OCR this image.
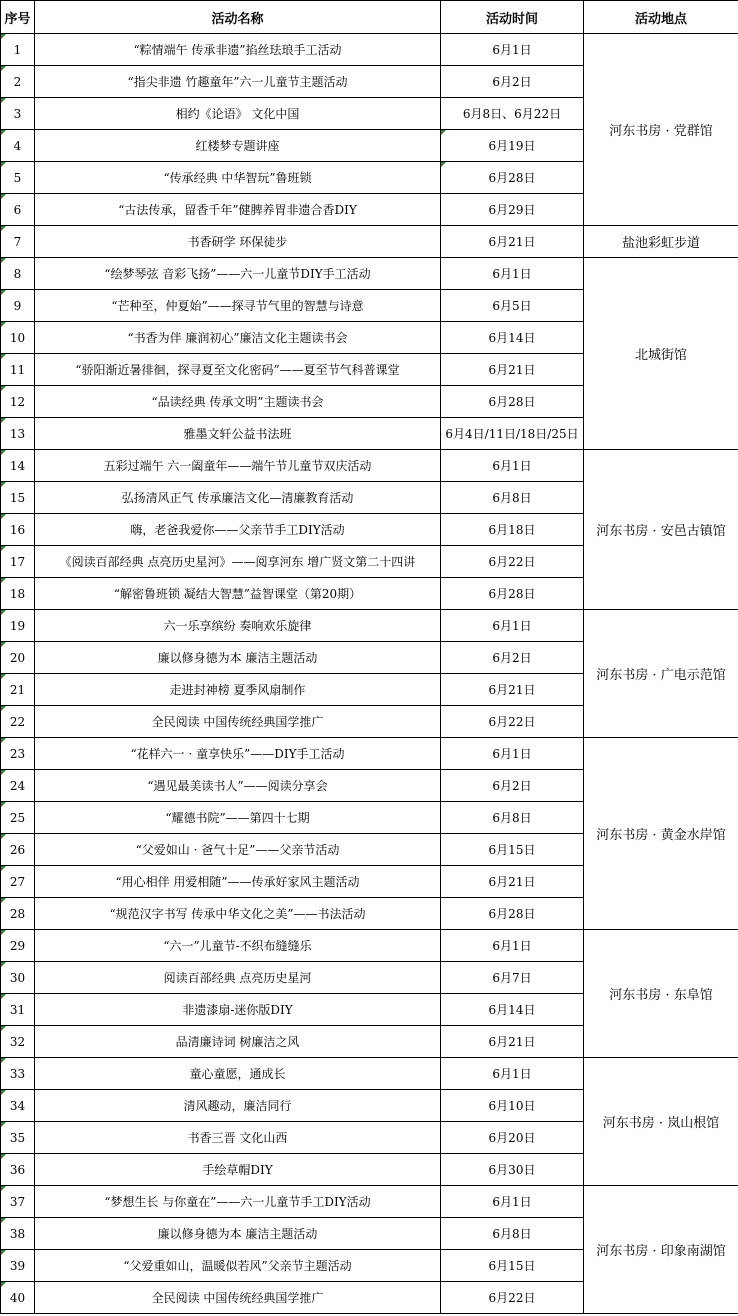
序号	活动名称	活动时间	活动地点
1	“粽情端午 传承非遗”掐丝珐琅手工活动	6月1日	河东书房 · 党群馆
2	“指尖非遗 竹趣童年”六一儿童节主题活动	6月2日	
3	相约《论语》 文化中国	6月8日、6月22日	
4	红楼梦专题讲座	6月19日	
5	“传承经典 中华智玩”鲁班锁	6月28日	
6	“古法传承，留香千年”健脾养胃非遗合香DIY	6月29日	
7	书香研学 环保徒步	6月21日	盐池彩虹步道
8	“绘梦琴弦 音彩飞扬”——六一儿童节DIY手工活动	6月1日	北城街馆
9	“芒种至，仲夏始”——探寻节气里的智慧与诗意	6月5日	
10	“书香为伴 廉润初心”廉洁文化主题读书会	6月14日	
11	“骄阳渐近暑徘徊，探寻夏至文化密码”——夏至节气科普课堂	6月21日	
12	“品读经典 传承文明”主题读书会	6月28日	
13	雅墨文轩公益书法班	6月4日/11日/18日/25日	
14	五彩过端午 六一阖童年——端午节儿童节双庆活动	6月1日	河东书房 · 安邑古镇馆
15	弘扬清风正气 传承廉洁文化—清廉教育活动	6月8日	
16	嗨，老爸我爱你——父亲节手工DIY活动	6月18日	
17	《阅读百部经典 点亮历史星河》——阅享河东 增广贤文第二十四讲	6月22日	
18	“解密鲁班锁 凝结大智慧”益智课堂（第20期）	6月28日	
19	六一乐享缤纷 奏响欢乐旋律	6月1日	河东书房 · 广电示范馆
20	廉以修身德为本 廉洁主题活动	6月2日	
21	走进封神榜 夏季风扇制作	6月21日	
22	全民阅读 中国传统经典国学推广	6月22日	
23	“花样六一 · 童享快乐”——DIY手工活动	6月1日	河东书房 · 黄金水岸馆
24	“遇见最美读书人”——阅读分享会	6月2日	
25	“耀德书院”——第四十七期	6月8日	
26	“父爱如山 · 爸气十足”——父亲节活动	6月15日	
27	“用心相伴 用爱相随”——传承好家风主题活动	6月21日	
28	“规范汉字书写 传承中华文化之美”——书法活动	6月28日	
29	“六一”儿童节-不织布缝缝乐	6月1日	河东书房 · 东阜馆
30	阅读百部经典 点亮历史星河	6月7日	
31	非遗漆扇-迷你版DIY	6月14日	
32	品清廉诗词 树廉洁之风	6月21日	
33	童心童愿，通成长	6月1日	河东书房 · 岚山根馆
34	清风趣动，廉洁同行	6月10日	
35	书香三晋 文化山西	6月20日	
36	手绘草帽DIY	6月30日	
37	“梦想生长 与你童在”——六一儿童节手工DIY活动	6月1日	河东书房 · 印象南湖馆
38	廉以修身德为本 廉洁主题活动	6月8日	
39	“父爱重如山，温暖似若风”父亲节主题活动	6月15日	
40	全民阅读 中国传统经典国学推广	6月22日	
